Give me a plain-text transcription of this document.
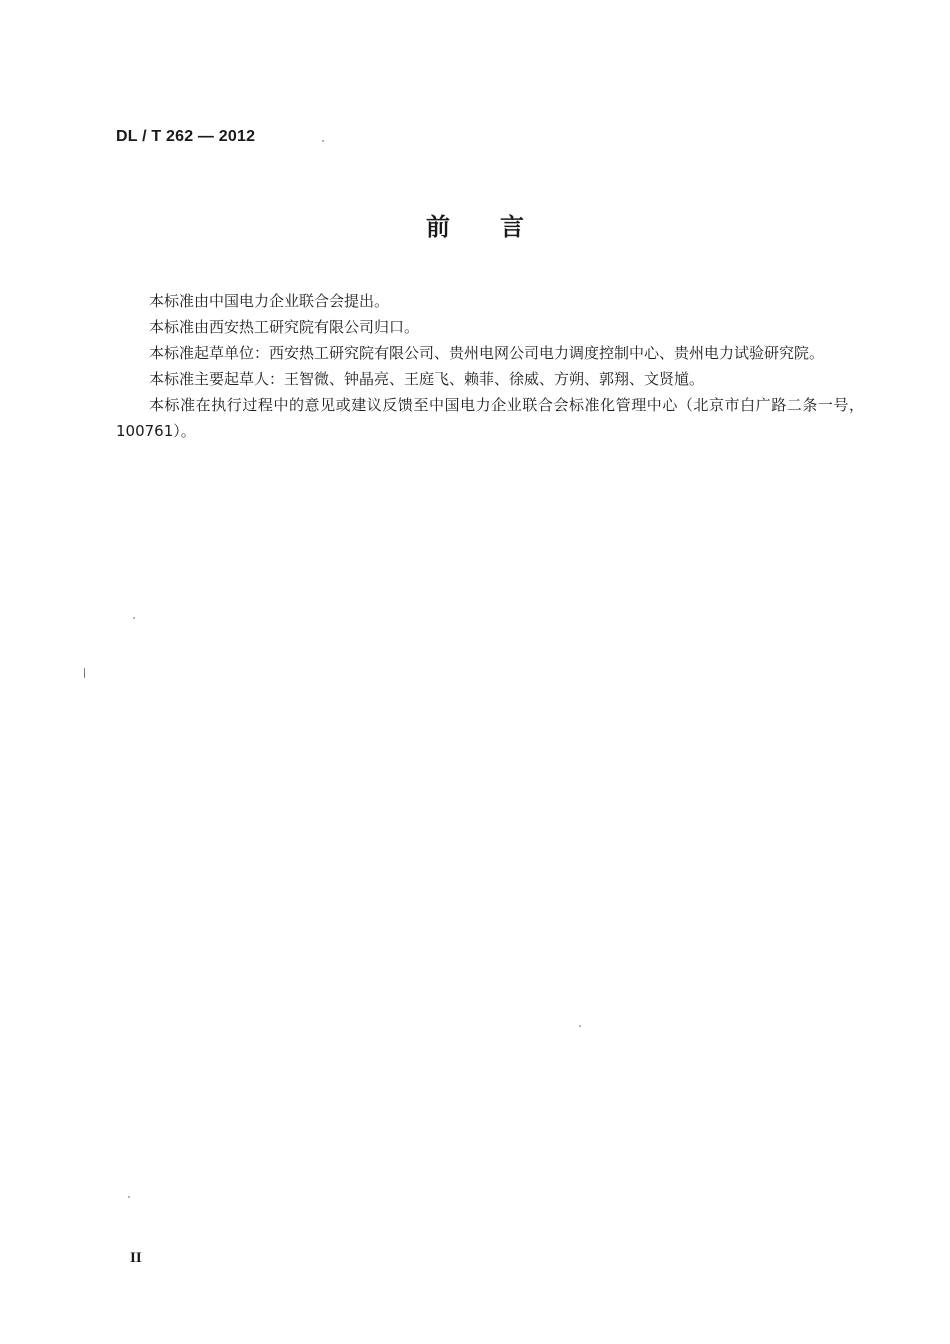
DL / T 262 — 2012
前 言

本标准由中国电力企业联合会提出。

本标准由西安热工研究院有限公司归口。

本标准起草单位：西安热工研究院有限公司、贵州电网公司电力调度控制中心、贵州电力试验研究院。

本标准主要起草人：王智微、钟晶亮、王庭飞、赖菲、徐威、方朔、郭翔、文贤馗。

本标准在执行过程中的意见或建议反馈至中国电力企业联合会标准化管理中心（北京市白广路二条一号，100761）。

II
